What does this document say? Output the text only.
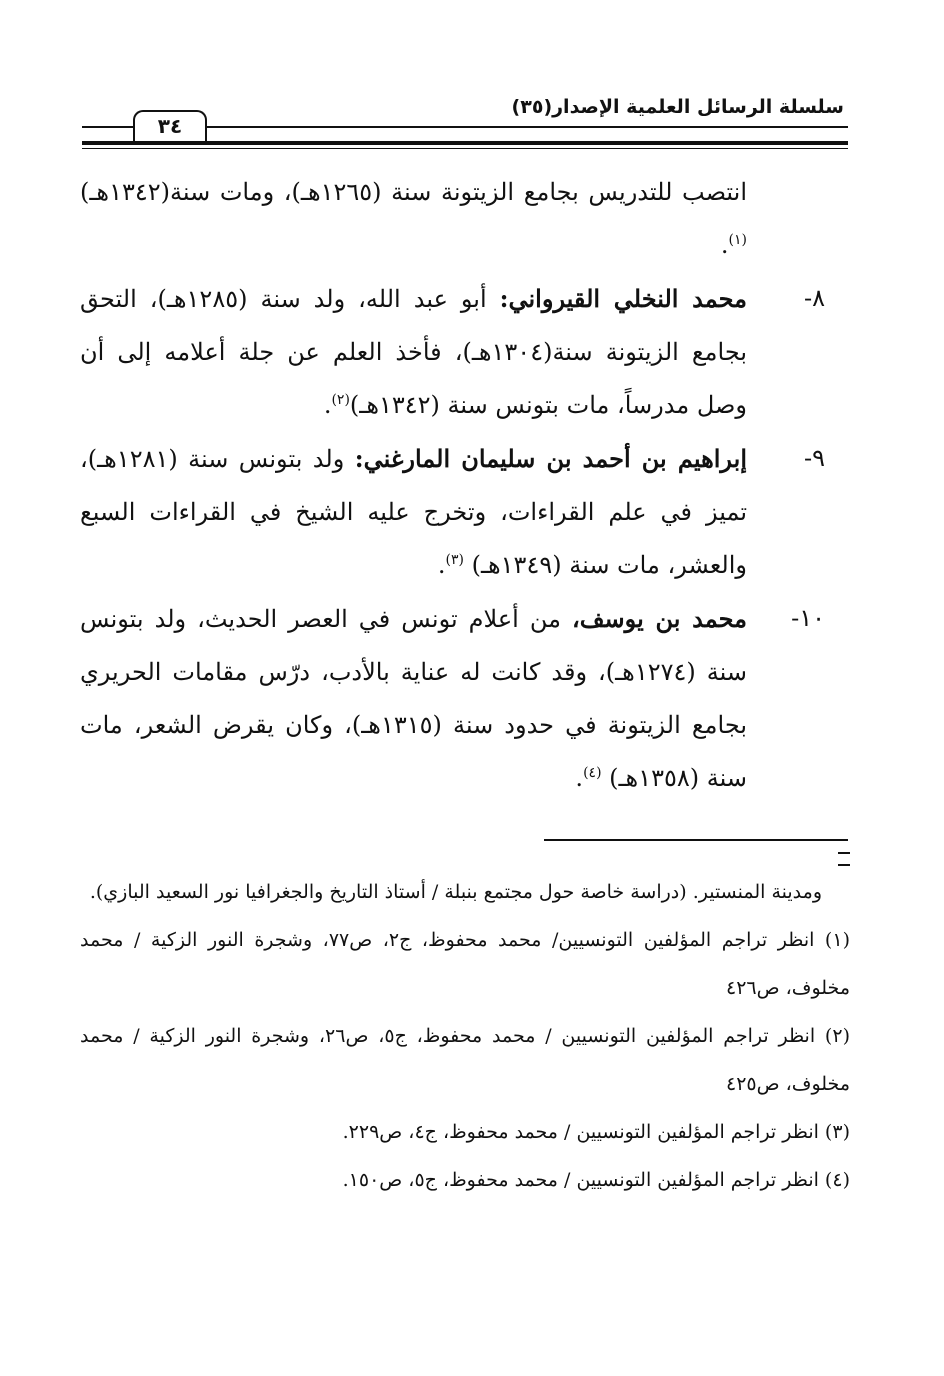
سلسلة الرسائل العلمية الإصدار(٣٥)
٣٤

انتصب للتدريس بجامع الزيتونة سنة (١٢٦٥هـ)، ومات سنة(١٣٤٢هـ)$^{(١)}$.

٨-
محمد النخلي القيرواني: أبو عبد الله، ولد سنة (١٢٨٥هـ)، التحق بجامع الزيتونة سنة(١٣٠٤هـ)، فأخذ العلم عن جلة أعلامه إلى أن وصل مدرساً، مات بتونس سنة (١٣٤٢هـ)$^{(٢)}$.

٩-
إبراهيم بن أحمد بن سليمان المارغني: ولد بتونس سنة (١٢٨١هـ)، تميز في علم القراءات، وتخرج عليه الشيخ في القراءات السبع والعشر، مات سنة (١٣٤٩هـ) $^{(٣)}$.

١٠-
محمد بن يوسف، من أعلام تونس في العصر الحديث، ولد بتونس سنة (١٢٧٤هـ)، وقد كانت له عناية بالأدب، درّس مقامات الحريري بجامع الزيتونة في حدود سنة (١٣١٥هـ)، وكان يقرض الشعر، مات سنة (١٣٥٨هـ) $^{(٤)}$.

ومدينة المنستير. (دراسة خاصة حول مجتمع بنبلة / أستاذ التاريخ والجغرافيا نور السعيد البازي).

(١) انظر تراجم المؤلفين التونسيين/ محمد محفوظ، ج٢، ص٧٧، وشجرة النور الزكية / محمد مخلوف، ص٤٢٦

(٢) انظر تراجم المؤلفين التونسيين / محمد محفوظ، ج٥، ص٢٦، وشجرة النور الزكية / محمد مخلوف، ص٤٢٥

(٣) انظر تراجم المؤلفين التونسيين / محمد محفوظ، ج٤، ص٢٢٩.

(٤) انظر تراجم المؤلفين التونسيين / محمد محفوظ، ج٥، ص١٥٠.
